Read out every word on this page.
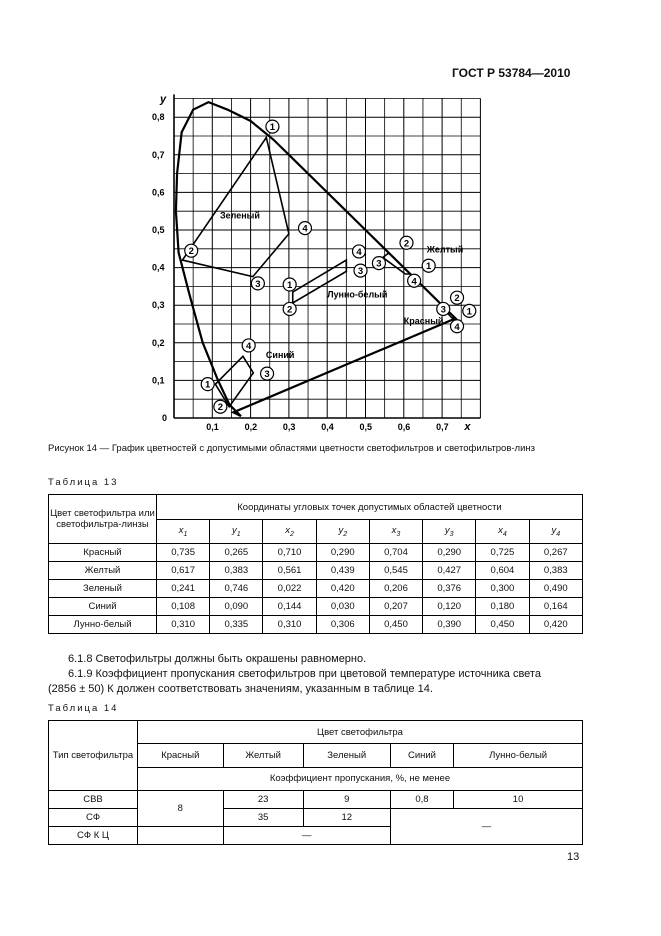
ГОСТ Р 53784—2010
0,1	0,2	0,3	0,4	0,5	0,6	0,7
0,1
0,2
0,3
0,4
0,5
0,6
0,7
0,8
1
4
2
3	1
2
4
3
3
2
1
4
2
1
3
4
4
3
1
2
Красный
Желтый
Зеленый
Синий
Лунно-белый
y
x
0
Рисунок 14 — График цветностей с допустимыми областями цветности светофильтров и светофильтров-линз
Таблица 13
Цвет светофильтра или светофильтра-линзы	Координаты угловых точек допустимых областей цветности							
	$x_1$	$y_1$	$x_2$	$y_2$	$x_3$	$y_3$	$x_4$	$y_4$
Красный	0,735	0,265	0,710	0,290	0,704	0,290	0,725	0,267
Желтый	0,617	0,383	0,561	0,439	0,545	0,427	0,604	0,383
Зеленый	0,241	0,746	0,022	0,420	0,206	0,376	0,300	0,490
Синий	0,108	0,090	0,144	0,030	0,207	0,120	0,180	0,164
Лунно-белый	0,310	0,335	0,310	0,306	0,450	0,390	0,450	0,420
6.1.8 Светофильтры должны быть окрашены равномерно.
6.1.9 Коэффициент пропускания светофильтров при цветовой температуре источника света
(2856 ± 50) К должен соответствовать значениям, указанным в таблице 14.
Таблица 14
Тип светофильтра	Цвет светофильтра				
	Красный	Желтый	Зеленый	Синий	Лунно-белый
	Коэффициент пропускания, %, не менее				
СВВ	8	23	9	0,8	10
СФ		35	12	—	
СФ К Ц		—			
13
